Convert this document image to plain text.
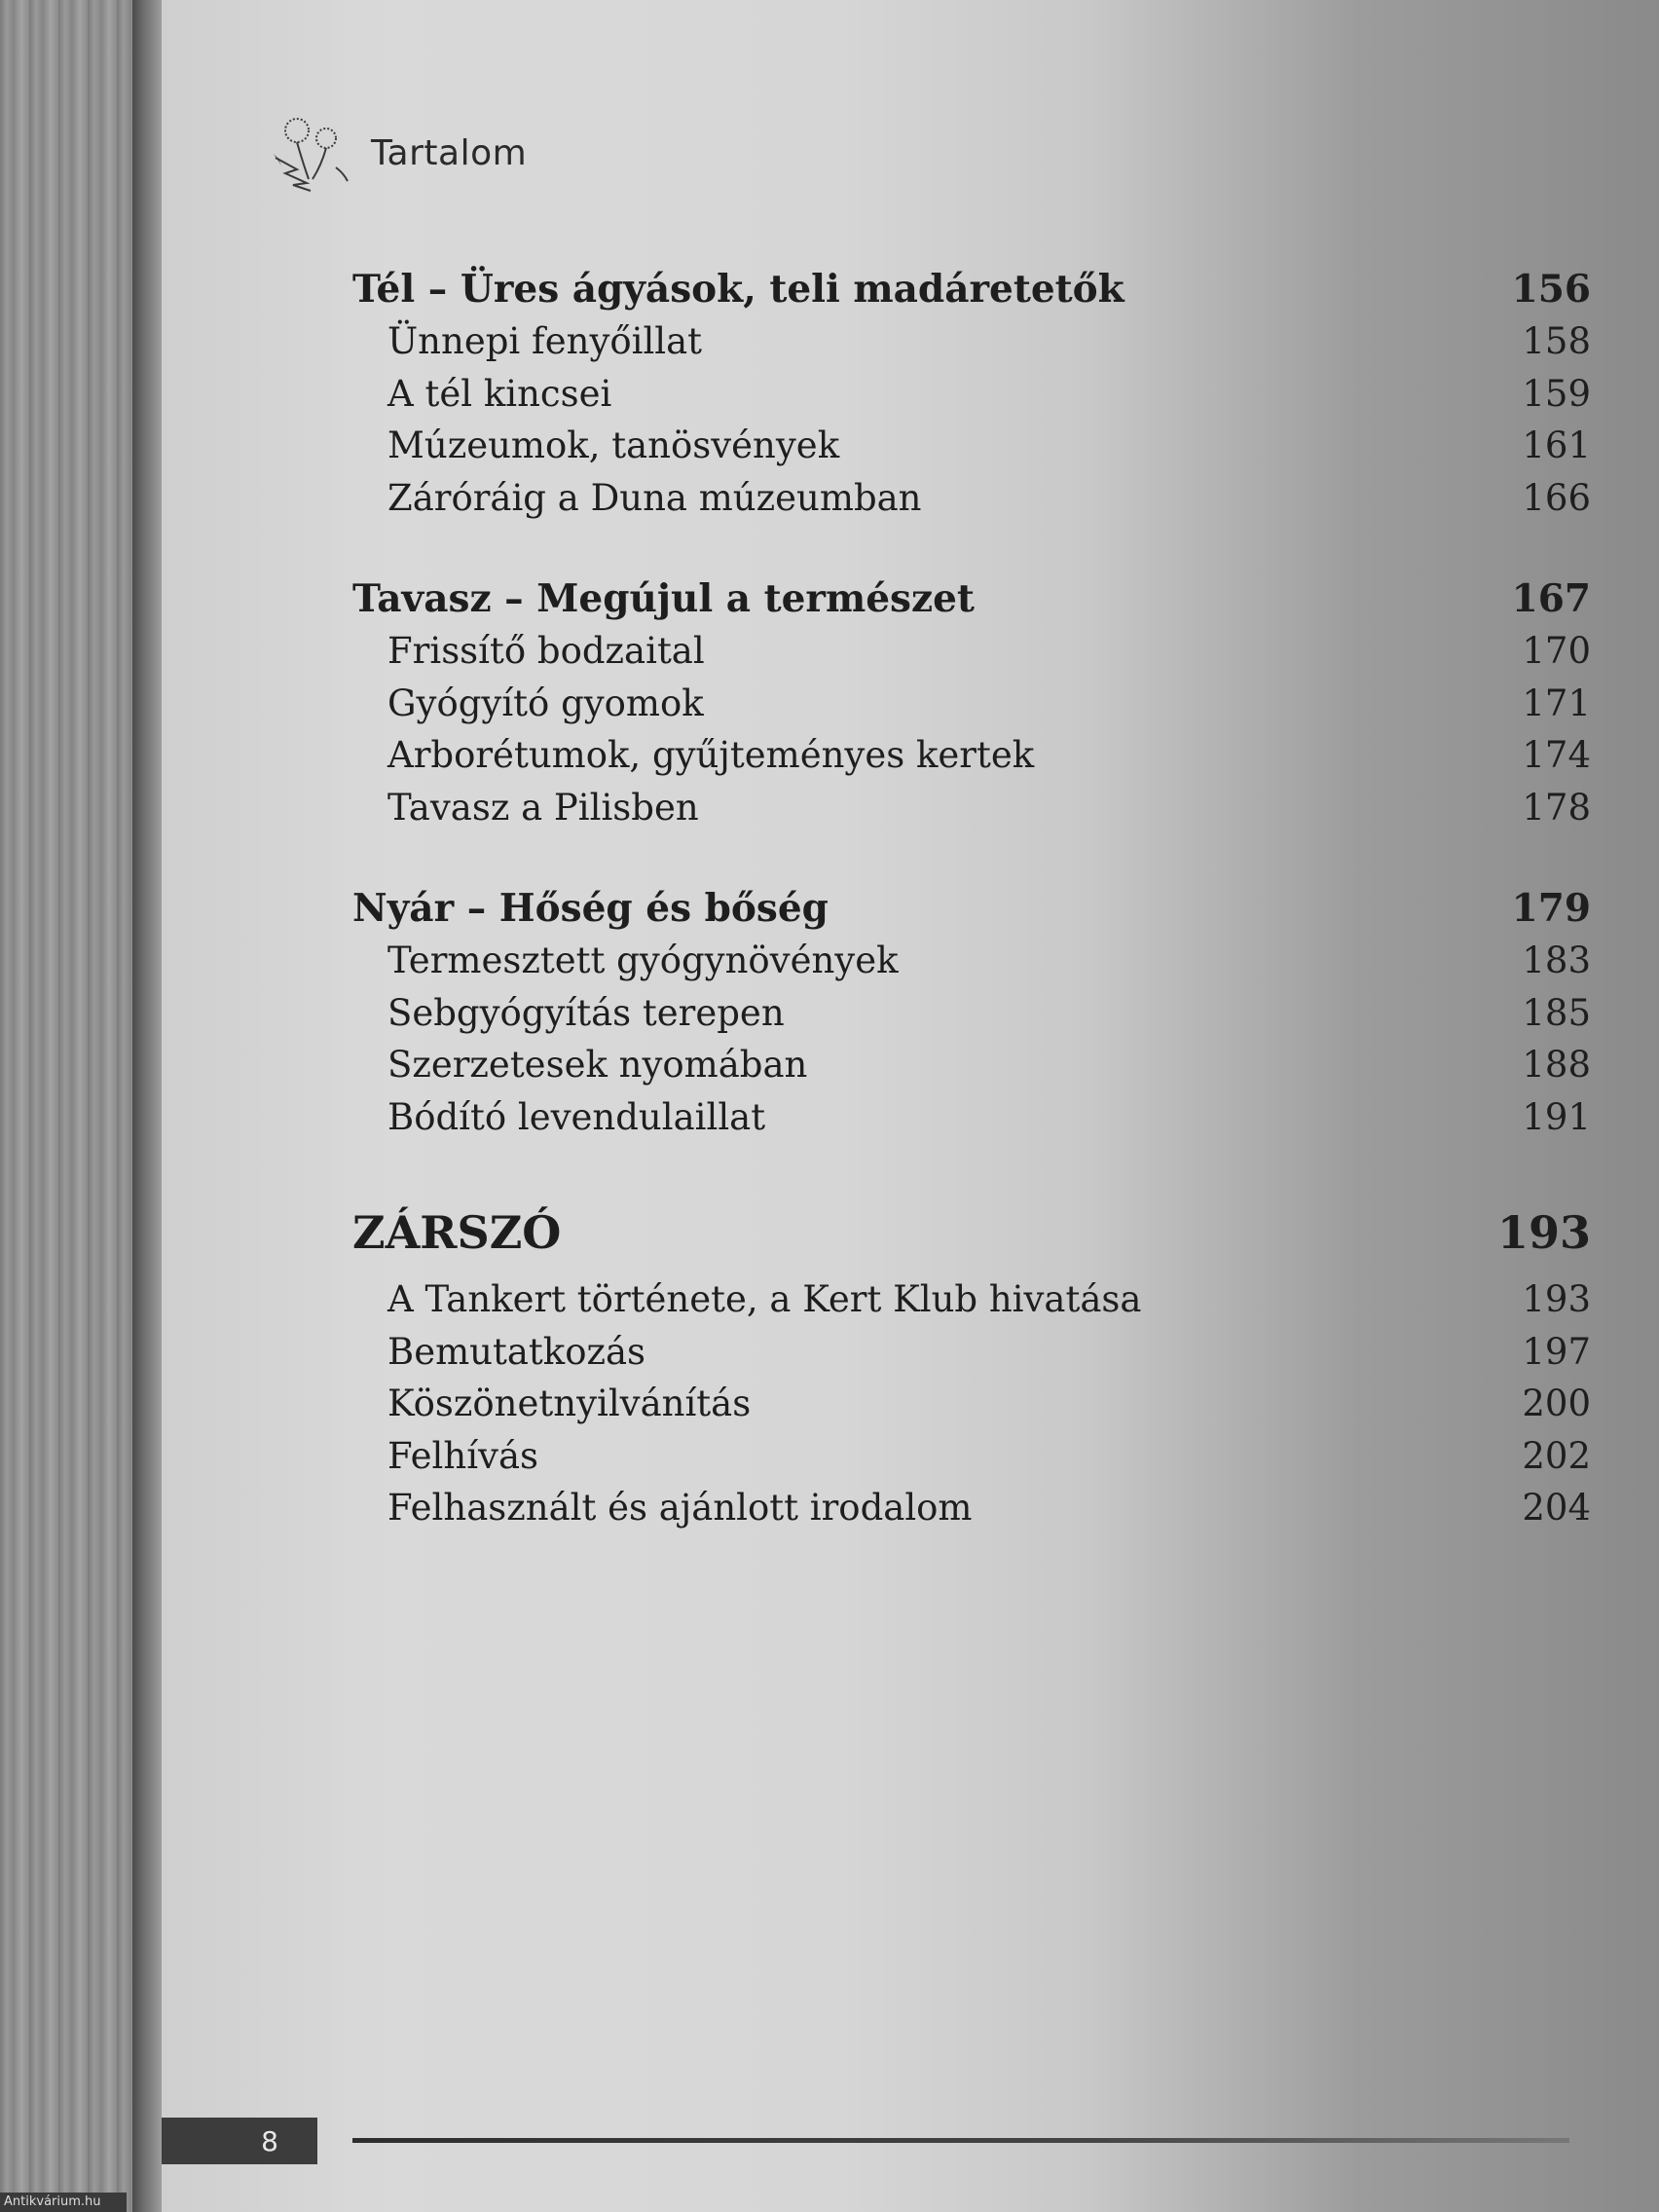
Tartalom
Tél – Üres ágyások, teli madáretetők	156
Ünnepi fenyőillat	158
A tél kincsei	159
Múzeumok, tanösvények	161
Záróráig a Duna múzeumban	166
Tavasz – Megújul a természet	167
Frissítő bodzaital	170
Gyógyító gyomok	171
Arborétumok, gyűjteményes kertek	174
Tavasz a Pilisben	178
Nyár – Hőség és bőség	179
Termesztett gyógynövények	183
Sebgyógyítás terepen	185
Szerzetesek nyomában	188
Bódító levendulaillat	191
ZÁRSZÓ	193
A Tankert története, a Kert Klub hivatása	193
Bemutatkozás	197
Köszönetnyilvánítás	200
Felhívás	202
Felhasznált és ajánlott irodalom	204
8
Antikvárium.hu
